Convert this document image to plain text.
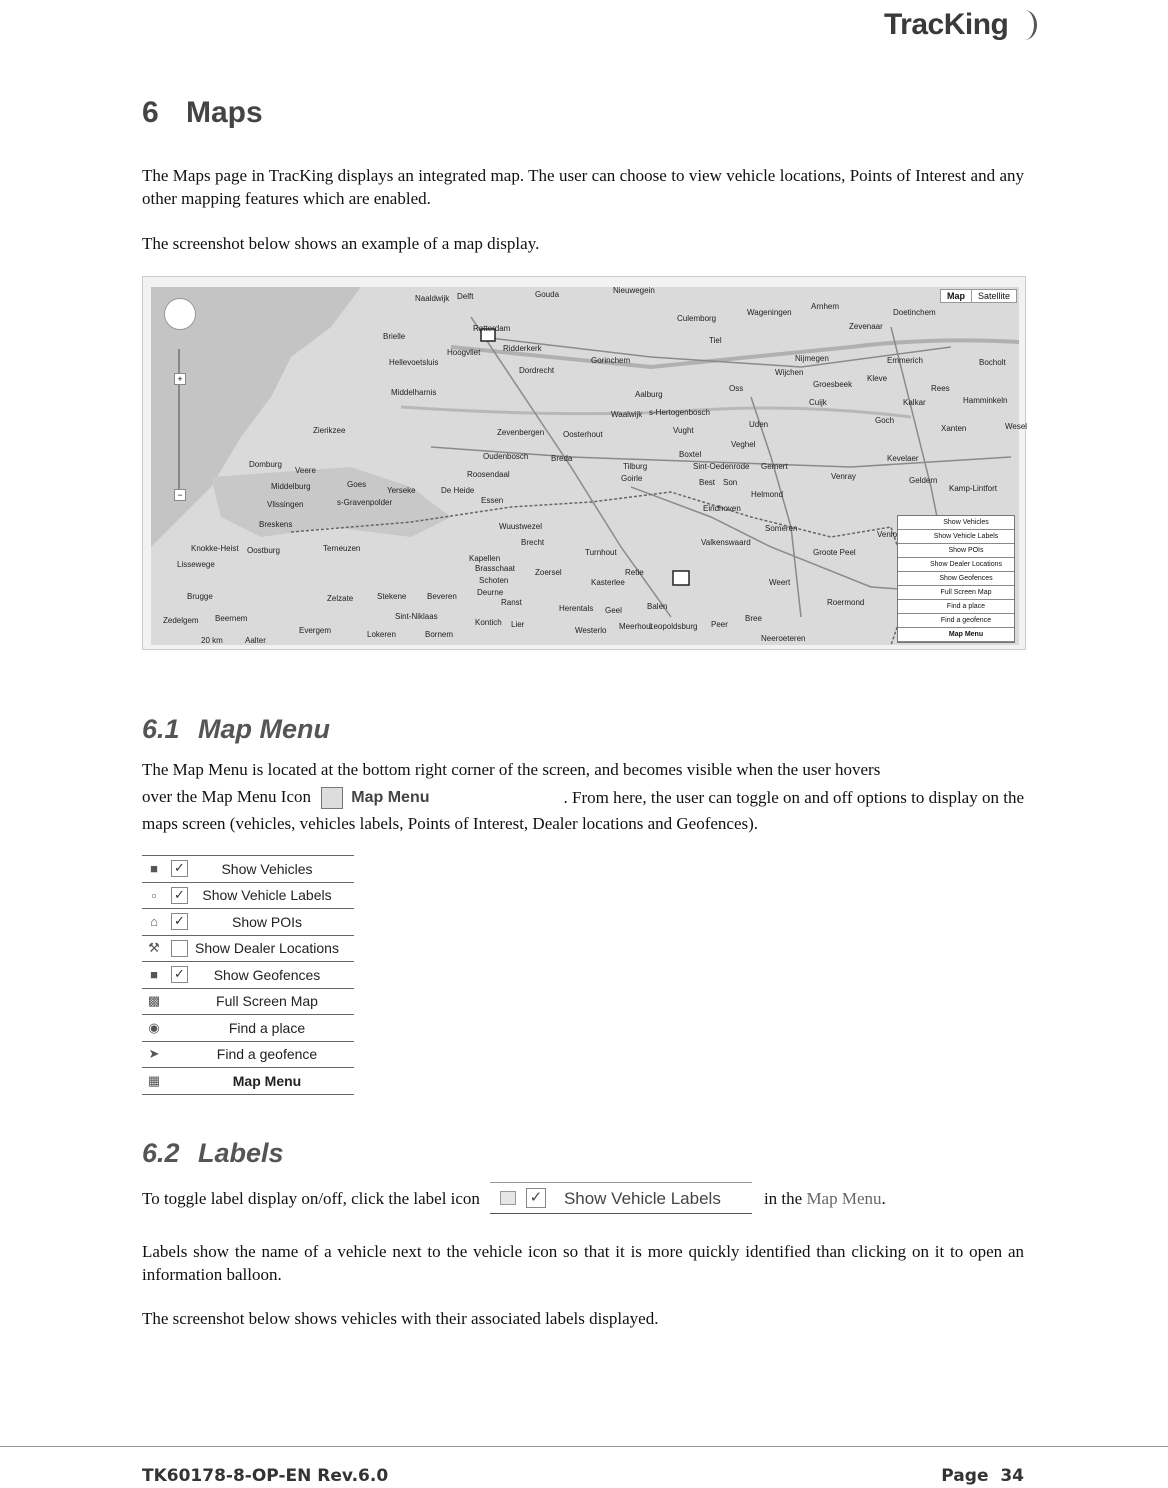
TracKing
6 Maps
The Maps page in TracKing displays an integrated map. The user can choose to view vehicle locations, Points of Interest and any other mapping features which are enabled.
The screenshot below shows an example of a map display.
Naaldwijk Delft	Gouda	Nieuwegein
Arnhem
Doetinchem
Rotterdam
Culemborg
Wageningen
Zevenaar
Brielle
Hoogvliet	Ridderkerk
Gorinchem
Tiel
Nijmegen	Emmerich	Bocholt
Dordrecht
Oss
Wijchen
Groesbeek
Kleve
Rees
Hellevoetsluis
Middelharnis	Aalburg
Cuijk	Kalkar	Hamminkeln
Zierikzee
Waalwijk s-Hertogenbosch
Uden	Goch
Wesel
Zevenbergen Oosterhout	Vught
Veghel
Xanten
Oudenbosch	Breda	Boxtel
Domburg
Veere	Roosendaal
Tilburg	Sint-Oedenrode Gemert
Kevelaer
Goirle	Best Son
Venray	Geldern
Middelburg	Goes
Yerseke	De Heide	Helmond
Kamp-Lintfort
Vlissingen	s-Gravenpolder	Essen
Eindhoven
Breskens	Wuustwezel	Someren
Venlo
Brecht	Valkenswaard
Knokke-Heist Oostburg	Terneuzen
Kapellen
Turnhout	Groote Peel
Lissewege	Brasschaat Zoersel	Retie
Kasterlee	Weert
Brugge
Schoten
Deurne
Beveren
Stekene
Zelzate	Ranst
Herentals Geel	Balen	Roermond
Zedelgem Beernem	Sint-Niklaas
Kontich Lier
Westerlo Meerhout
Leopoldsburg Peer
Bree
Evergem	Lokeren	Bornem
Aalter	Neeroeteren
20 km
Map	Satellite
+
−
Show Vehicles
Show Vehicle Labels
Show POIs
Show Dealer Locations
Show Geofences
Full Screen Map
Find a place
Find a geofence
Map Menu
6.1 Map Menu
The Map Menu is located at the bottom right corner of the screen, and becomes visible when the user hovers
over the Map Menu Icon	Map Menu	. From here, the user can toggle on and off options to display on the
maps screen (vehicles, vehicles labels, Points of Interest, Dealer locations and Geofences).
■	✓	Show Vehicles
▫	✓	Show Vehicle Labels
⌂	✓	Show POIs
⚒	Show Dealer Locations
■	✓	Show Geofences
▩	Full Screen Map
◉	Find a place
➤	Find a geofence
▦	Map Menu
6.2 Labels
To toggle label display on/off, click the label icon	✓ Show Vehicle Labels	in the Map Menu.
Labels show the name of a vehicle next to the vehicle icon so that it is more quickly identified than clicking on it to open an information balloon.
The screenshot below shows vehicles with their associated labels displayed.
TK60178-8-OP-EN Rev.6.0	Page 34
